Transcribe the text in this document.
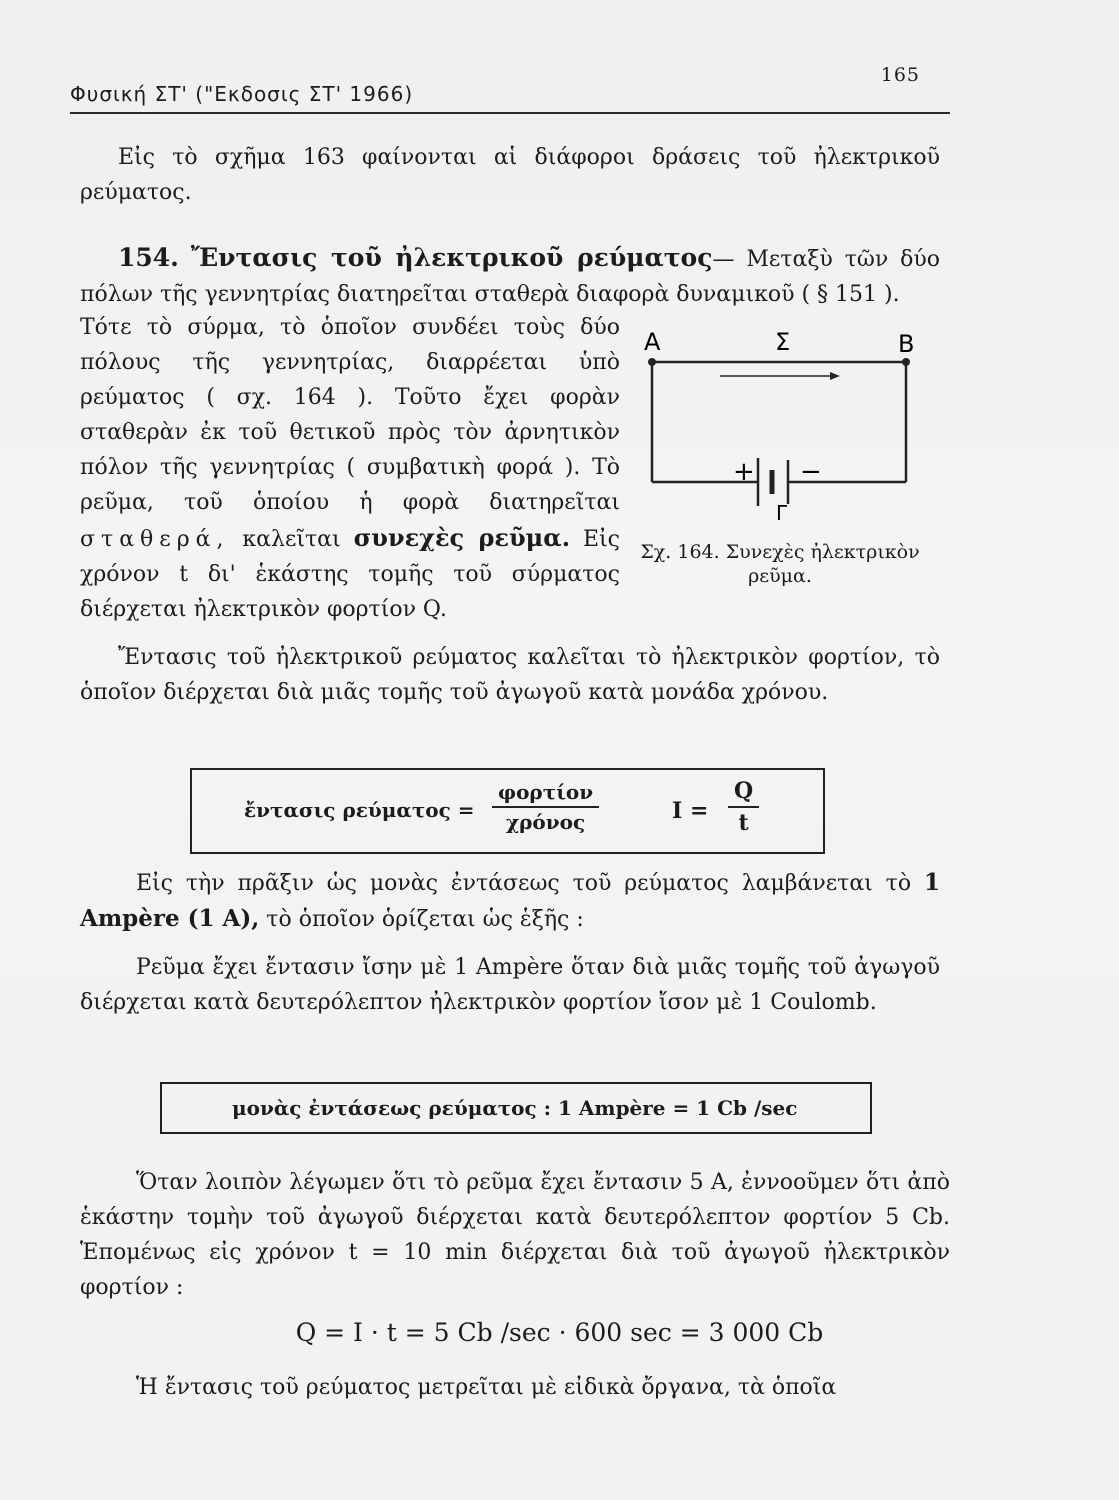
Φυσική ΣΤ' ("Εκδοσις ΣΤ' 1966)
165

Εἰς τὸ σχῆμα 163 φαίνονται αἱ διάφοροι δράσεις τοῦ ἠλεκτρικοῦ ρεύματος.

154. Ἔντασις τοῦ ἠλεκτρικοῦ ρεύματος— Μεταξὺ τῶν δύο πόλων τῆς γεννητρίας διατηρεῖται σταθερὰ διαφορὰ δυναμικοῦ ( § 151 ).

Τότε τὸ σύρμα, τὸ ὁποῖον συνδέει τοὺς δύο πόλους τῆς γεννητρίας, διαρρέεται ὑπὸ ρεύματος ( σχ. 164 ). Τοῦτο ἔχει φορὰν σταθερὰν ἐκ τοῦ θετικοῦ πρὸς τὸν ἀρνητικὸν πόλον τῆς γεννητρίας ( συμβατικὴ φορά ). Τὸ ρεῦμα, τοῦ ὁποίου ἡ φορὰ διατηρεῖται σταθερά, καλεῖται συνεχὲς ρεῦμα. Εἰς χρόνον t δι' ἑκάστης τομῆς τοῦ σύρματος διέρχεται ἠλεκτρικὸν φορτίον Q.

Α	Σ	Β
+ −
Γ
Σχ. 164. Συνεχὲς ἠλεκτρικὸν ρεῦμα.

Ἔντασις τοῦ ἠλεκτρικοῦ ρεύματος καλεῖται τὸ ἠλεκτρικὸν φορτίον, τὸ ὁποῖον διέρχεται διὰ μιᾶς τομῆς τοῦ ἀγωγοῦ κατὰ μονάδα χρόνου.

ἔντασις ρεύματος =
φορτίον
χρόνος	$I = \frac{Q}{t}$

Εἰς τὴν πρᾶξιν ὡς μονὰς ἐντάσεως τοῦ ρεύματος λαμβάνεται τὸ 1 Ampère (1 A), τὸ ὁποῖον ὁρίζεται ὡς ἑξῆς :

Ρεῦμα ἔχει ἔντασιν ἴσην μὲ 1 Ampère ὅταν διὰ μιᾶς τομῆς τοῦ ἀγωγοῦ διέρχεται κατὰ δευτερόλεπτον ἠλεκτρικὸν φορτίον ἴσον μὲ 1 Coulomb.

μονὰς ἐντάσεως ρεύματος : 1 Ampère = 1 Cb /sec

Ὅταν λοιπὸν λέγωμεν ὅτι τὸ ρεῦμα ἔχει ἔντασιν 5 Α, ἐννοοῦμεν ὅτι ἀπὸ ἑκάστην τομὴν τοῦ ἀγωγοῦ διέρχεται κατὰ δευτερόλεπτον φορτίον 5 Cb. Ἑπομένως εἰς χρόνον t = 10 min διέρχεται διὰ τοῦ ἀγωγοῦ ἠλεκτρικὸν φορτίον :

Q = I · t = 5 Cb /sec · 600 sec = 3 000 Cb

Ἡ ἔντασις τοῦ ρεύματος μετρεῖται μὲ εἰδικὰ ὄργανα, τὰ ὁποῖα
